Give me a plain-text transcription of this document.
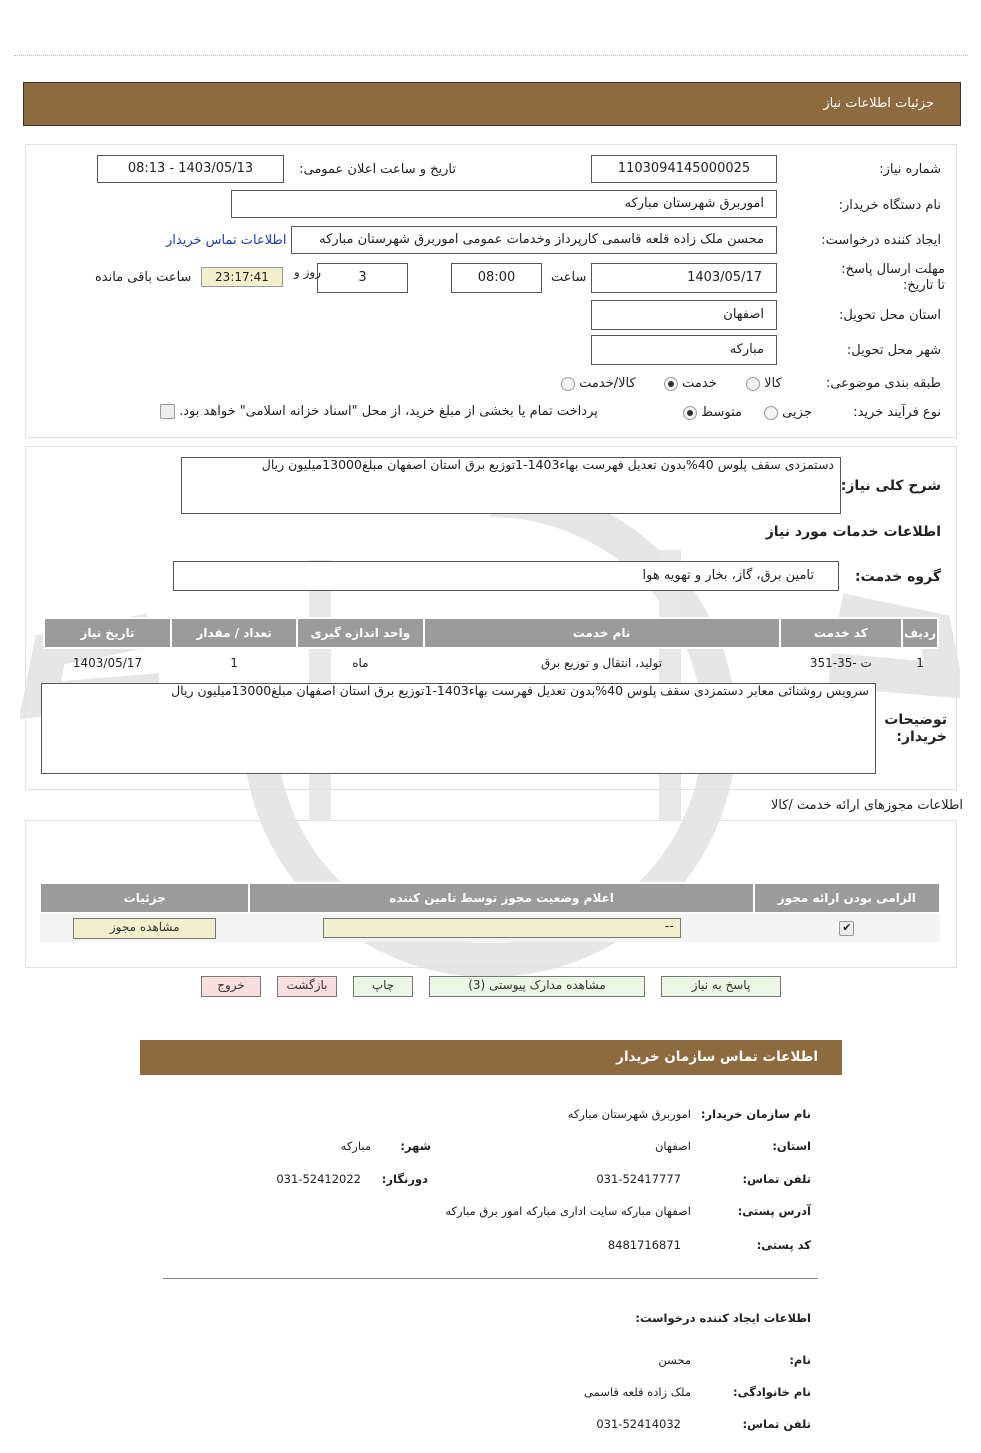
جزئیات اطلاعات نیاز
شماره نیاز:
1103094145000025
تاریخ و ساعت اعلان عمومی:
1403/05/13 - 08:13
نام دستگاه خریدار:
اموربرق شهرستان مبارکه
ایجاد کننده درخواست:
محسن ملک زاده قلعه قاسمی کارپرداز وخدمات عمومی اموربرق شهرستان مبارکه
اطلاعات تماس خریدار
مهلت ارسال پاسخ: تا تاریخ:
1403/05/17
ساعت
08:00
3
روز و
23:17:41
ساعت باقی مانده
استان محل تحویل:
اصفهان
شهر محل تحویل:
مبارکه
طبقه بندی موضوعی:
کالا
خدمت
کالا/خدمت
نوع فرآیند خرید:
جزیی
متوسط
پرداخت تمام یا بخشی از مبلغ خرید، از محل "اسناد خزانه اسلامی" خواهد بود.
شرح کلی نیاز:
دستمزدی سقف پلوس 40%بدون تعدیل فهرست بهاء1403-1توزیع برق استان اصفهان مبلغ13000میلیون ریال
اطلاعات خدمات مورد نیاز
گروه خدمت:
تامین برق، گاز، بخار و تهویه هوا
ردیف	کد خدمت	نام خدمت	واحد اندازه گیری	تعداد / مقدار	تاریخ نیاز
1	ت -35-351	تولید، انتقال و توزیع برق	ماه	1	1403/05/17
توضیحات خریدار:
سرویس روشنائی معابر دستمزدی سقف پلوس 40%بدون تعدیل فهرست بهاء1403-1توزیع برق استان اصفهان مبلغ13000میلیون ریال
اطلاعات مجوزهای ارائه خدمت /کالا
الزامی بودن ارائه مجوز	اعلام وضعیت مجوز توسط تامین کننده	جزئیات
✔	--	مشاهده مجوز
پاسخ به نیاز
مشاهده مدارک پیوستی (3)
چاپ
بازگشت
خروج
اطلاعات تماس سازمان خریدار
نام سازمان خریدار:
اموربرق شهرستان مبارکه
استان:
اصفهان
شهر:
مبارکه
تلفن تماس:
031-52417777
دورنگار:
031-52412022
آدرس پستی:
اصفهان مبارکه سایت اداری مبارکه امور برق مبارکه
کد پستی:
8481716871
اطلاعات ایجاد کننده درخواست:
نام:
محسن
نام خانوادگی:
ملک زاده قلعه قاسمی
تلفن تماس:
031-52414032
